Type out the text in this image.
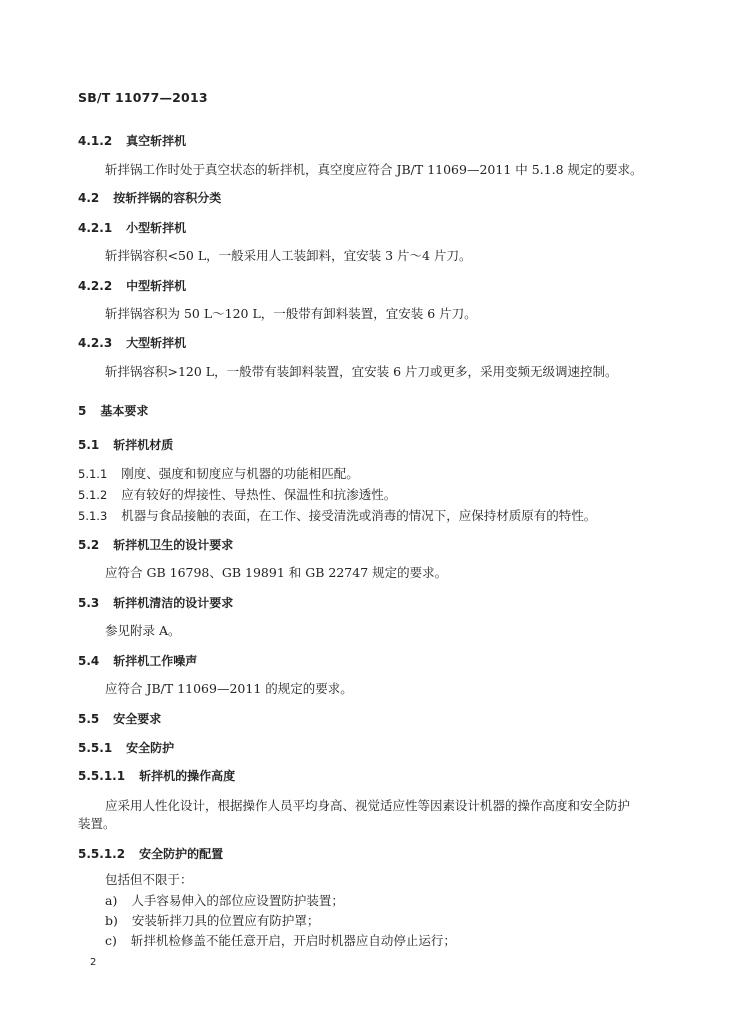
SB/T 11077—2013
4.1.2 真空斩拌机
斩拌锅工作时处于真空状态的斩拌机，真空度应符合 JB/T 11069—2011 中 5.1.8 规定的要求。
4.2 按斩拌锅的容积分类
4.2.1 小型斩拌机
斩拌锅容积<50 L，一般采用人工装卸料，宜安装 3 片～4 片刀。
4.2.2 中型斩拌机
斩拌锅容积为 50 L～120 L，一般带有卸料装置，宜安装 6 片刀。
4.2.3 大型斩拌机
斩拌锅容积>120 L，一般带有装卸料装置，宜安装 6 片刀或更多，采用变频无级调速控制。
5 基本要求
5.1 斩拌机材质
5.1.1 刚度、强度和韧度应与机器的功能相匹配。
5.1.2 应有较好的焊接性、导热性、保温性和抗渗透性。
5.1.3 机器与食品接触的表面，在工作、接受清洗或消毒的情况下，应保持材质原有的特性。
5.2 斩拌机卫生的设计要求
应符合 GB 16798、GB 19891 和 GB 22747 规定的要求。
5.3 斩拌机清洁的设计要求
参见附录 A。
5.4 斩拌机工作噪声
应符合 JB/T 11069—2011 的规定的要求。
5.5 安全要求
5.5.1 安全防护
5.5.1.1 斩拌机的操作高度
应采用人性化设计，根据操作人员平均身高、视觉适应性等因素设计机器的操作高度和安全防护
装置。
5.5.1.2 安全防护的配置
包括但不限于：
a) 人手容易伸入的部位应设置防护装置；
b) 安装斩拌刀具的位置应有防护罩；
c) 斩拌机检修盖不能任意开启，开启时机器应自动停止运行；
2
